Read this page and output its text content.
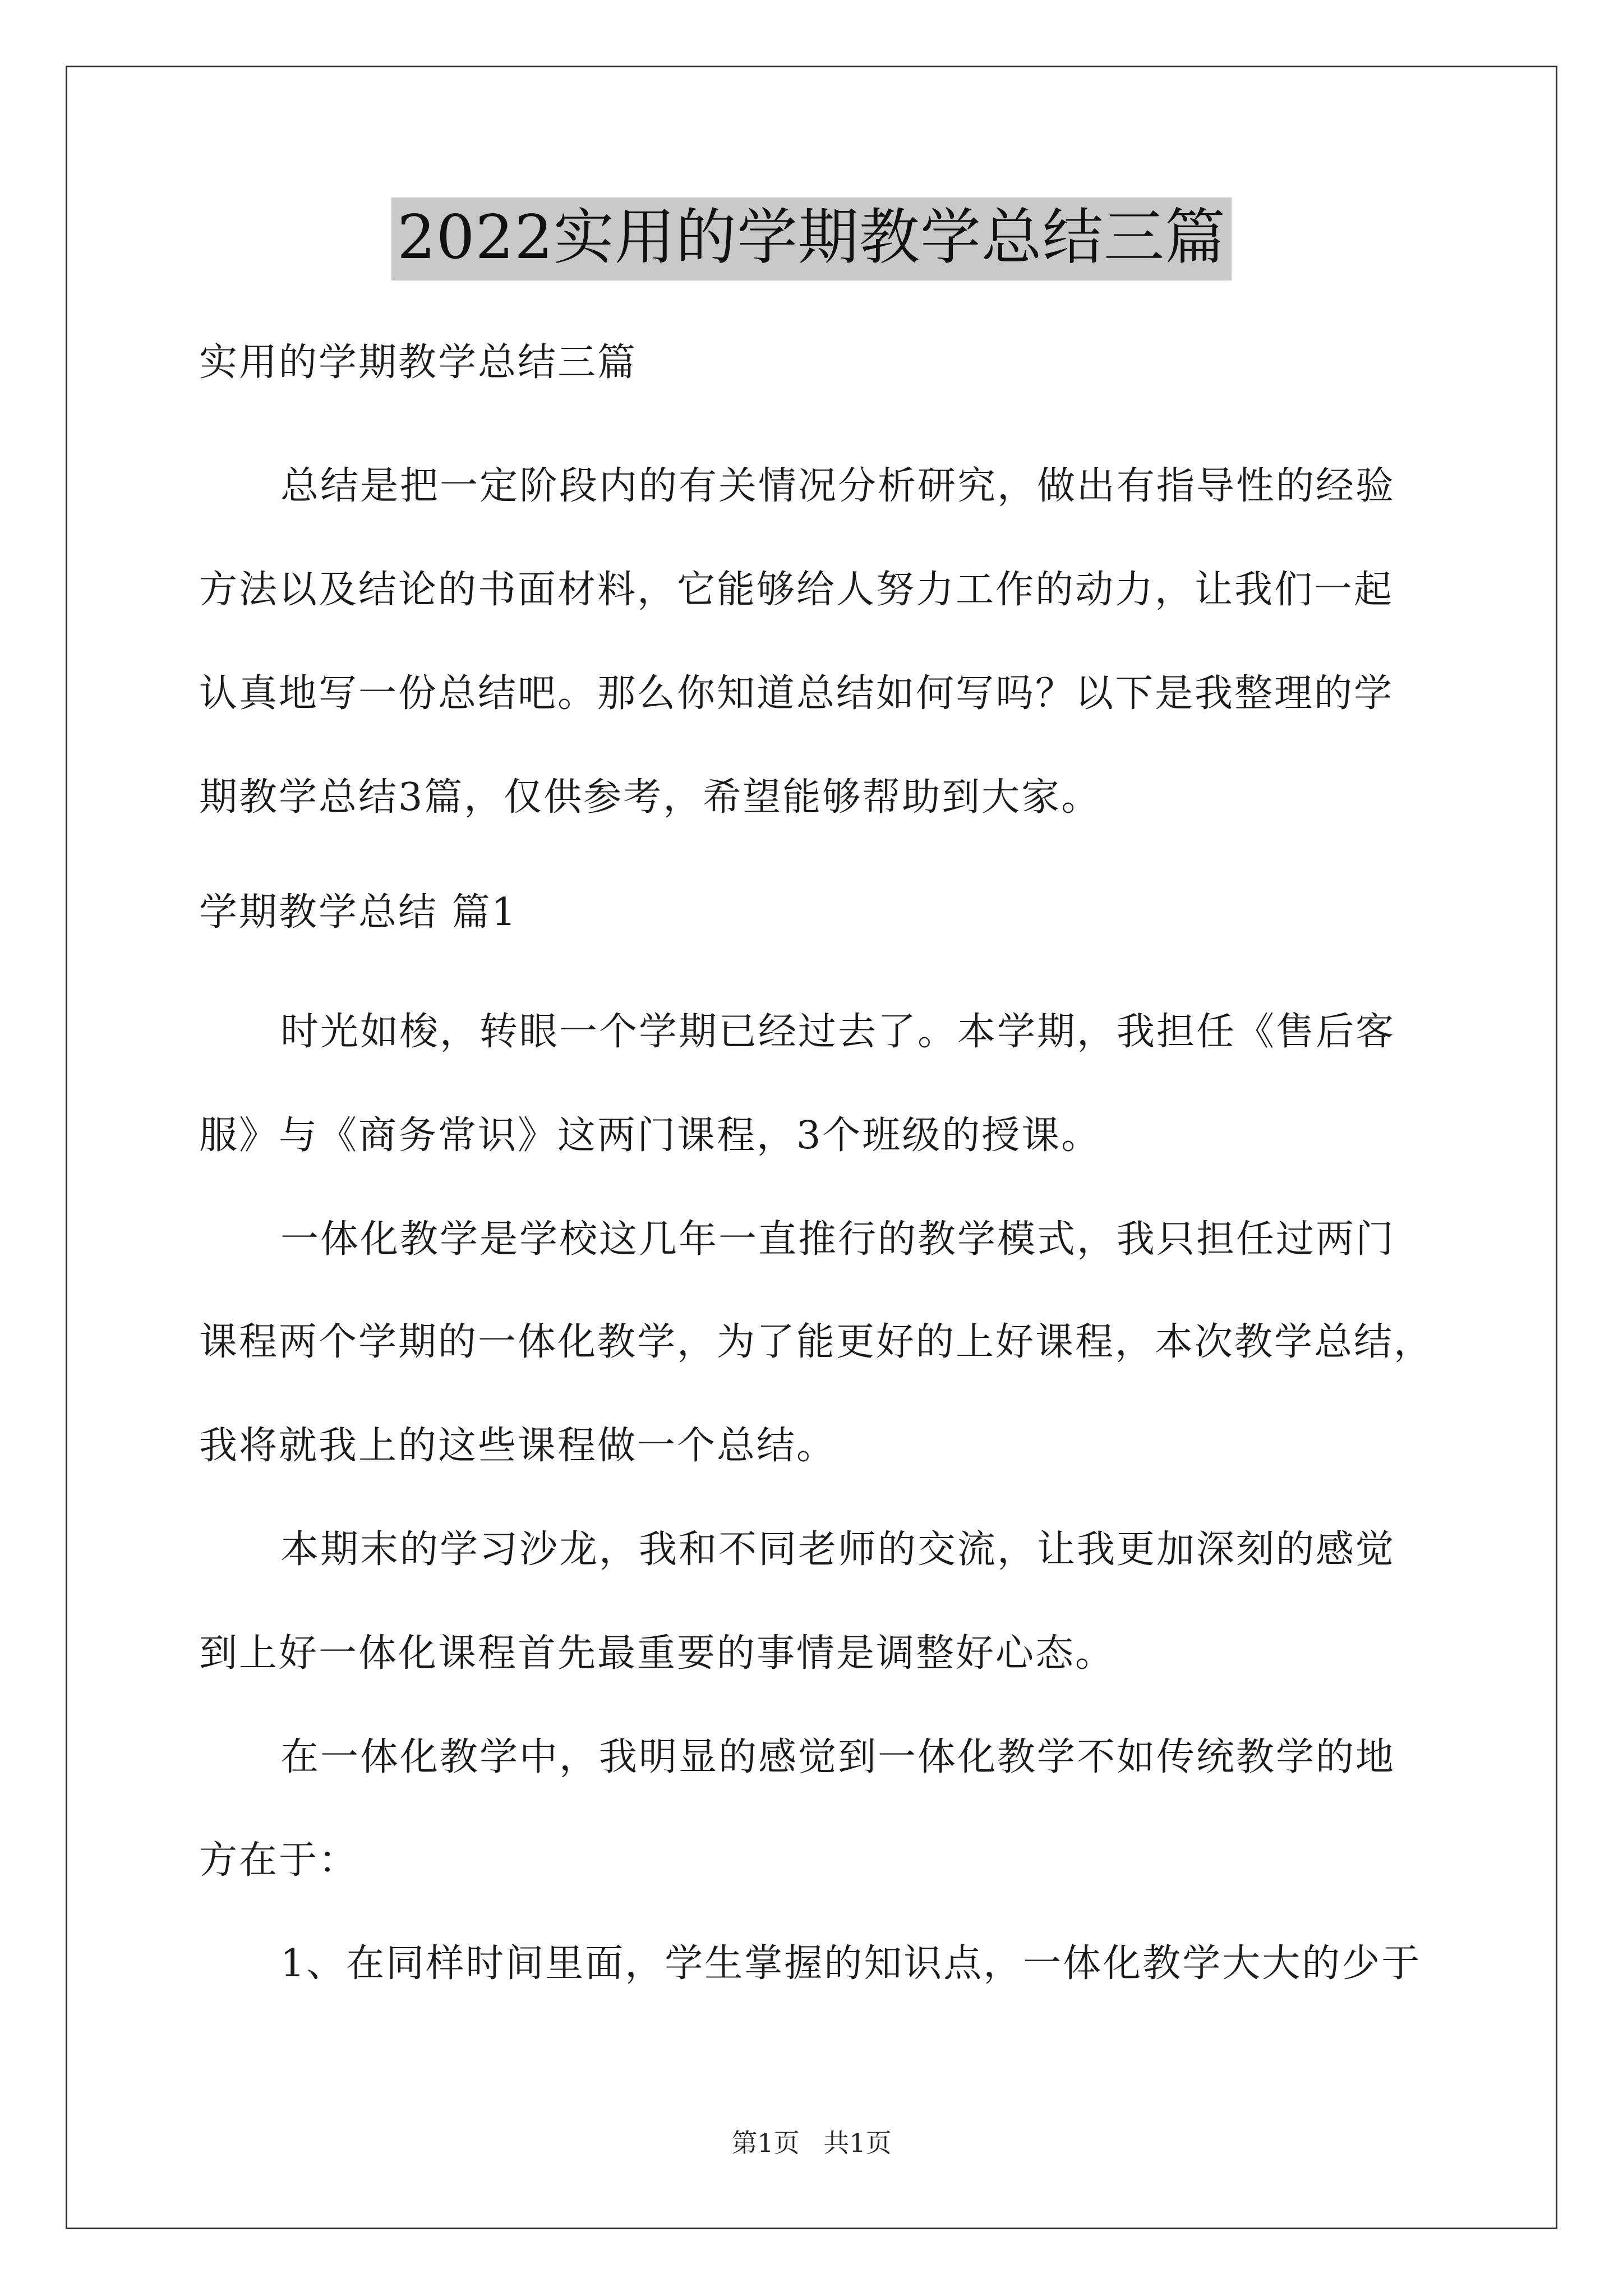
2022实用的学期教学总结三篇
实用的学期教学总结三篇
总结是把一定阶段内的有关情况分析研究，做出有指导性的经验
方法以及结论的书面材料，它能够给人努力工作的动力，让我们一起
认真地写一份总结吧。那么你知道总结如何写吗？以下是我整理的学
期教学总结3篇，仅供参考，希望能够帮助到大家。
学期教学总结 篇1
时光如梭，转眼一个学期已经过去了。本学期，我担任《售后客
服》与《商务常识》这两门课程，3个班级的授课。
一体化教学是学校这几年一直推行的教学模式，我只担任过两门
课程两个学期的一体化教学，为了能更好的上好课程，本次教学总结，
我将就我上的这些课程做一个总结。
本期末的学习沙龙，我和不同老师的交流，让我更加深刻的感觉
到上好一体化课程首先最重要的事情是调整好心态。
在一体化教学中，我明显的感觉到一体化教学不如传统教学的地
方在于：
1、在同样时间里面，学生掌握的知识点，一体化教学大大的少于
第1页 共1页
